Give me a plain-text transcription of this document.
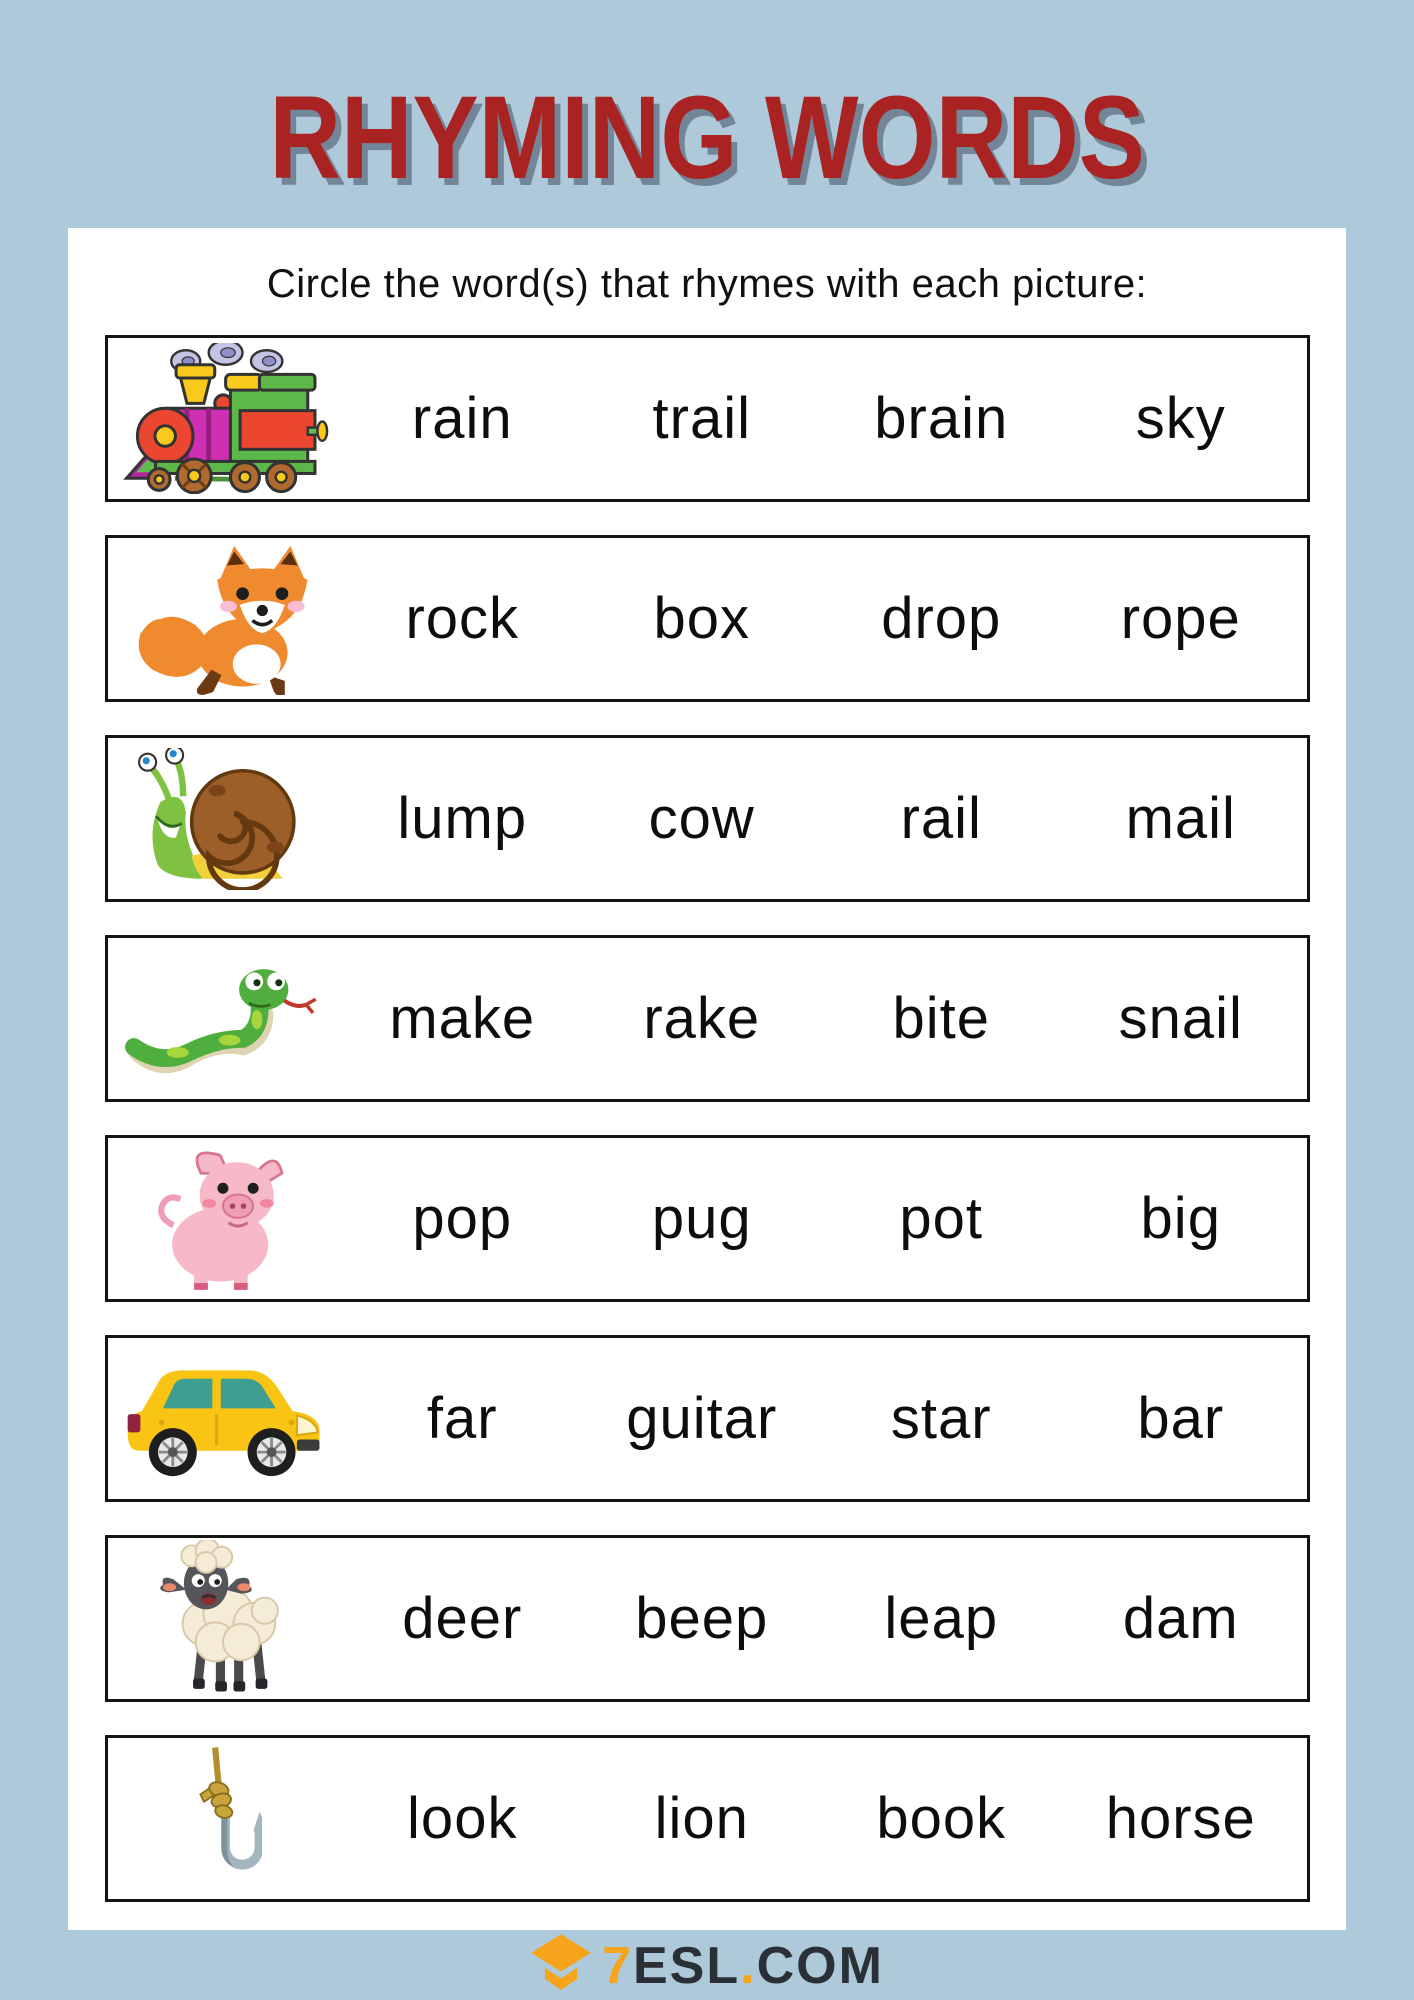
RHYMING WORDS
Circle the word(s) that rhymes with each picture:
rain	trail	brain	sky
rock	box	drop	rope
lump	cow	rail	mail
make	rake	bite	snail
pop	pug	pot	big
far	guitar	star	bar
deer	beep	leap	dam
look	lion	book	horse
7ESL.COM
